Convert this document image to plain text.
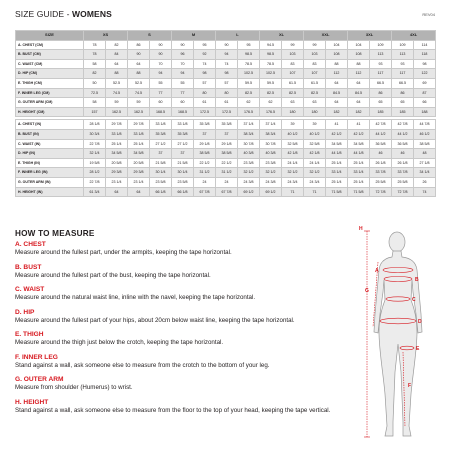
SIZE GUIDE - WOMENS	REV04
SIZE	XS		S		M		L		XL		XXL		3XL		4XL	
A. CHEST (CM)	78	82	86	90	90	95	90	95	94.5	99	99	104	104	109	109	114
B. BUST (CM)	78	84	90	90	96	92	94	98.5	98.5	103	103	108	108	113	113	118
C. WAIST (CM)	58	64	64	70	70	74	74	78.5	78.5	83	83	88	88	93	93	98
D. HIP (CM)	82	88	88	94	94	98	98	102.5	102.5	107	107	112	112	117	117	122
E. THIGH (CM)	50	52.5	52.5	55	55	57	57	59.5	59.5	61.5	61.5	64	64	66.5	66.5	69
F. INNER LEG (CM)	72.5	74.5	74.5	77	77	80	80	82.5	82.5	82.5	82.5	84.5	84.5	86	86	87
G. OUTER ARM (CM)	58	59	59	60	60	61	61	62	62	63	63	64	64	65	65	66
H. HEIGHT (CM)	157	162.5	162.5	168.5	168.5	172.5	172.5	176.5	176.5	180	180	182	182	185	185	188

A. CHEST (IN)	28 1/8	29 7/8	29 7/8	33 1/8	33 1/8	35 3/8	35 3/8	37 1/4	37 1/4	39	39	41	41	42 7/8	42 7/8	44 7/8
B. BUST (IN)	30 3/4	33 1/8	33 1/8	35 3/8	35 3/8	37	37	38 3/4	38 3/4	40 1/2	40 1/2	42 1/2	42 1/2	44 1/2	44 1/2	46 1/2
C. WAIST (IN)	22 7/8	25 1/4	25 1/4	27 1/2	27 1/2	29 1/8	29 1/8	30 7/8	30 7/8	32 5/8	32 5/8	34 5/8	34 5/8	36 5/8	36 5/8	38 5/8
D. HIP (IN)	32 1/4	34 5/8	34 5/8	37	37	38 5/8	38 5/8	40 3/8	40 3/8	42 1/8	42 1/8	44 1/8	44 1/8	46	46	48
E. THIGH (IN)	19 5/8	20 5/8	20 5/8	21 5/8	21 5/8	22 1/2	22 1/2	23 3/8	23 3/8	24 1/4	24 1/4	25 1/4	25 1/4	26 1/8	26 1/8	27 1/8
F. INNER LEG (IN)	28 1/2	29 3/8	29 3/8	30 1/4	30 1/4	31 1/2	31 1/2	32 1/2	32 1/2	32 1/2	32 1/2	33 1/4	33 1/4	33 7/8	33 7/8	34 1/4
G. OUTER ARM (IN)	22 7/8	23 1/4	23 1/4	23 5/8	23 5/8	24	24	24 3/8	24 3/8	24 3/4	24 3/4	25 1/4	25 1/4	25 5/8	25 5/8	26
H. HEIGHT (IN)	61 3/4	64	64	66 1/8	66 1/8	67 7/8	67 7/8	69 1/2	69 1/2	71	71	71 5/8	71 5/8	72 7/8	72 7/8	74
HOW TO MEASURE
A. CHEST
Measure around the fullest part, under the armpits, keeping the tape horizontal.
B. BUST
Measure around the fullest part of the bust, keeping the tape horizontal.
C. WAIST
Measure around the natural waist line, inline with the navel, keeping the tape horizontal.
D. HIP
Measure around the fullest part of your hips, about 20cm below waist line, keeping the tape horizontal.
E. THIGH
Measure around the thigh just below the crotch, keeping the tape horizontal.
F. INNER LEG
Stand against a wall, ask someone else to measure from the crotch to the bottom of your leg.
G. OUTER ARM
Measure from shoulder (Humerus) to wrist.
H. HEIGHT
Stand against a wall, ask someone else to measure from the floor to the top of your head, keeping the tape vertical.
H
G
A
B
C
D
E
F
